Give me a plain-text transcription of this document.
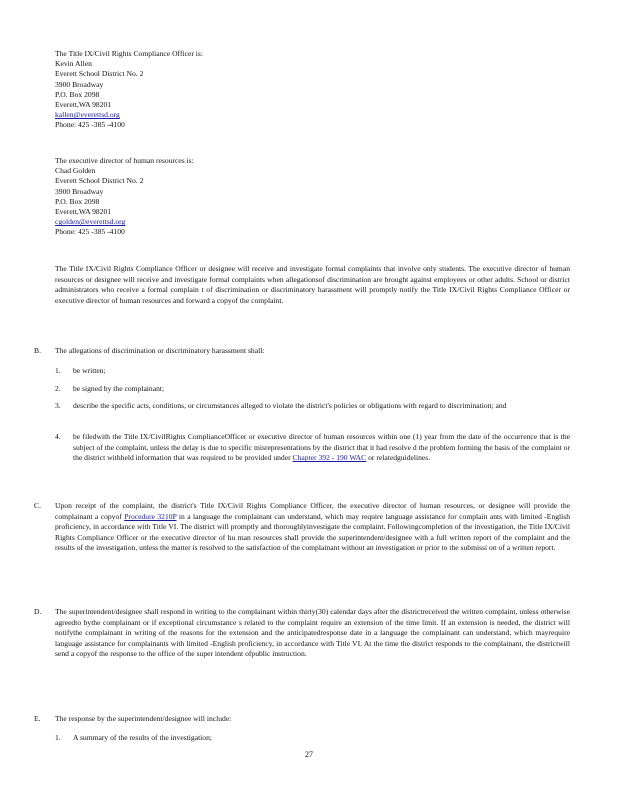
The Title IX/Civil Rights Compliance Officer is:
Kevin Allen
Everett School District No. 2
3900 Broadway
P.O. Box 2098
Everett,WA 98201
kallen@everettsd.org
Phone: 425 -385 -4100
The executive director of human resources is:
Chad Golden
Everett School District No. 2
3900 Broadway
P.O. Box 2098
Everett,WA 98201
cgolden@everettsd.org
Phone: 425 -385 -4100
The Title IX/Civil Rights Compliance Officer or designee will receive and investigate formal complaints that involve only students. The executive director of human resources or designee will receive and investigate formal complaints when allegationsof discrimination are brought against employees or other adults. School or district administrators who receive a formal complain t of discrimination or discriminatory harassment will promptly notify the Title IX/Civil Rights Compliance Officer or executive director of human resources and forward a copyof the complaint.
B. The allegations of discrimination or discriminatory harassment shall:
1. be written;
2. be signed by the complainant;
3. describe the specific acts, conditions, or circumstances alleged to violate the district's policies or obligations with regard to discrimination; and
4. be filedwith the Title IX/CivilRights ComplianceOfficer or executive director of human resources within one (1) year from the date of the occurrence that is the subject of the complaint, unless the delay is due to specific misrepresentations by the district that it had resolve d the problem forming the basis of the complaint or the district withheld information that was required to be provided under Chapter 392 - 190 WAC or relatedguidelines.
C. Upon receipt of the complaint, the district's Title IX/Civil Rights Compliance Officer, the executive director of human resources, or designee will provide the complainant a copyof Procedure 3210P in a language the complainant can understand, which may require language assistance for complain ants with limited -English proficiency, in accordance with Title VI. The district will promptly and thoroughlyinvestigate the complaint. Followingcompletion of the investigation, the Title IX/Civil Rights Compliance Officer or the executive director of hu man resources shall provide the superintendent/designee with a full written report of the complaint and the results of the investigation, unless the matter is resolved to the satisfaction of the complainant without an investigation or prior to the submissi on of a written report.
D. The superintendent/designee shall respond in writing to the complainant within thirty(30) calendar days after the districtreceived the written complaint, unless otherwise agreedto bythe complainant or if exceptional circumstance s related to the complaint require an extension of the time limit. If an extension is needed, the district will notifythe complainant in writing of the reasons for the extension and the anticipatedresponse date in a language the complainant can understand, which mayrequire language assistance for complainants with limited -English proficiency, in accordance with Title VI. At the time the district responds to the complainant, the districtwill send a copyof the response to the office of the super intendent ofpublic instruction.
E. The response by the superintendent/designee will include:
1. A summary of the results of the investigation;
27
